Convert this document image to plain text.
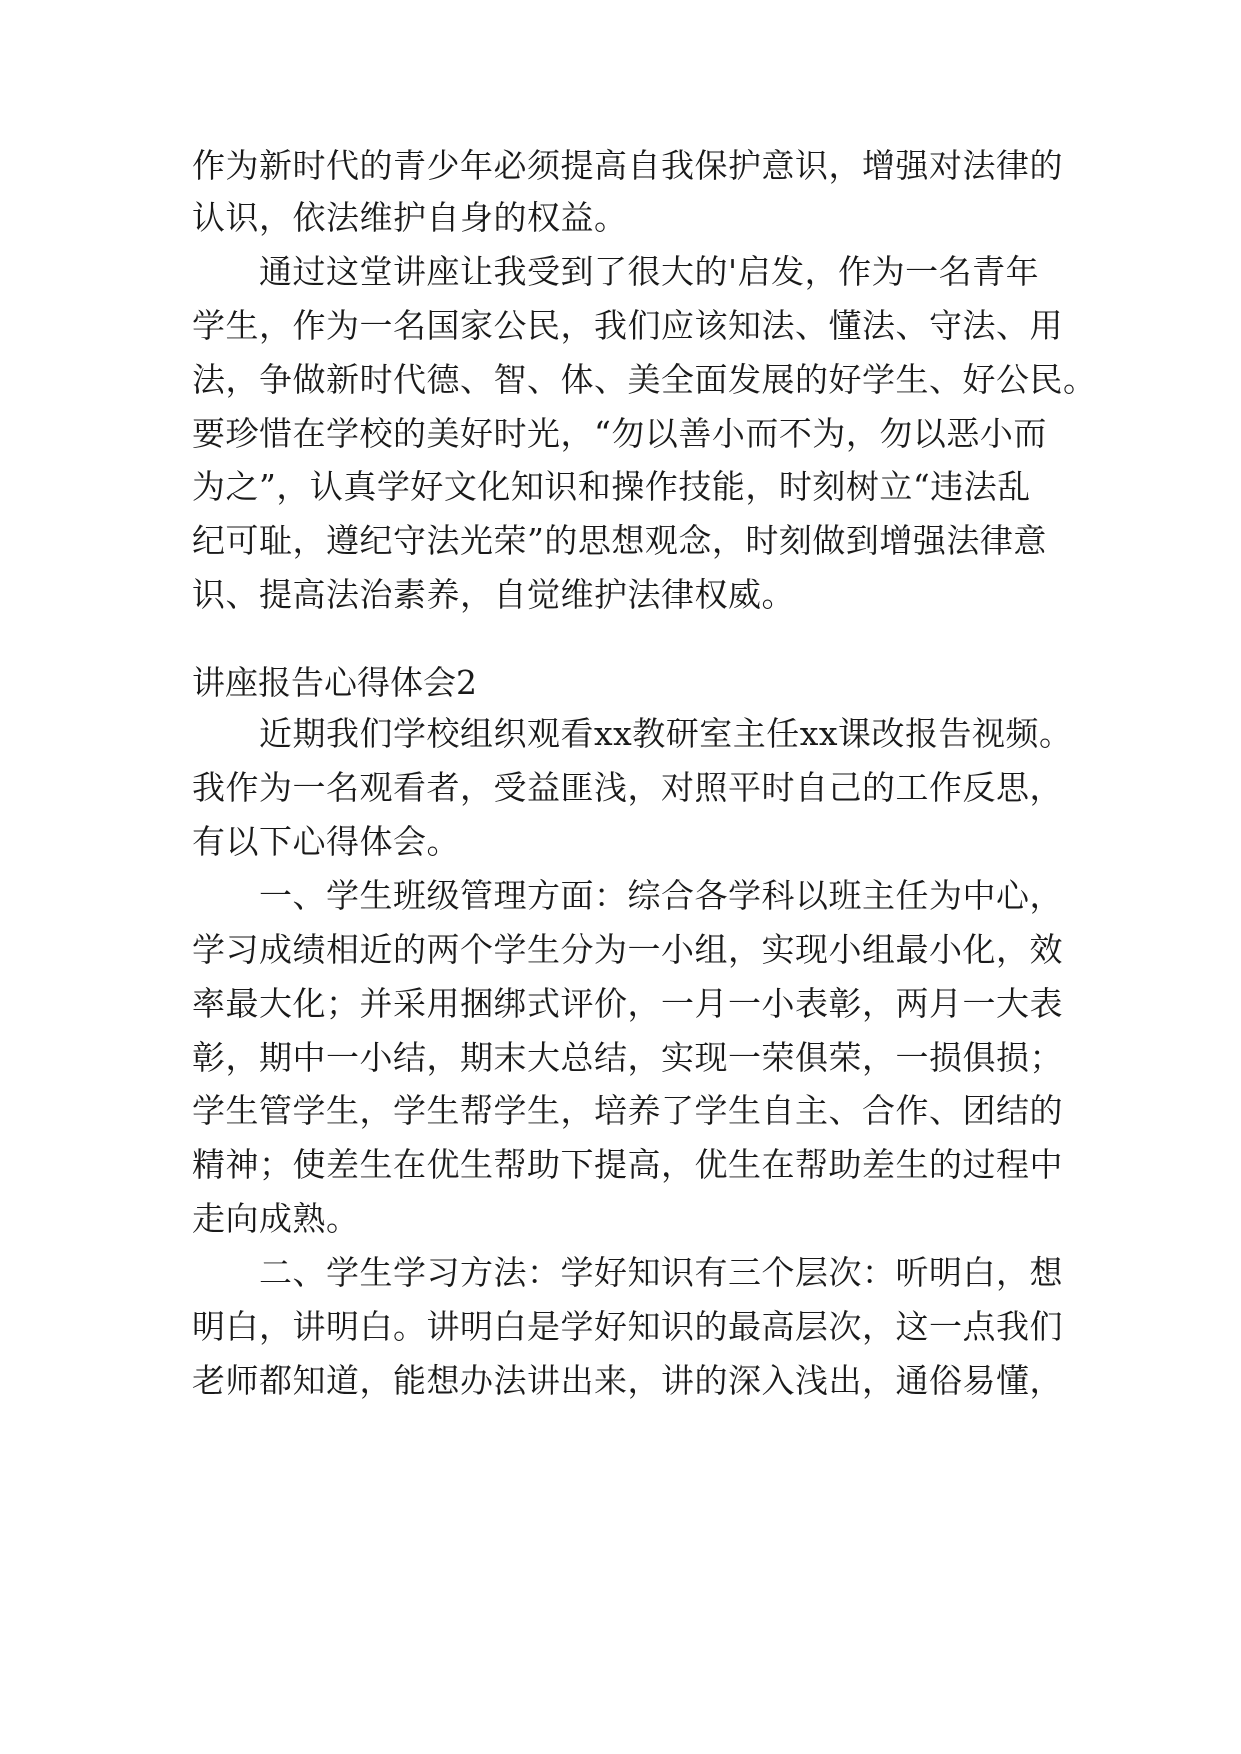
作为新时代的青少年必须提高自我保护意识，增强对法律的
认识，依法维护自身的权益。
　　通过这堂讲座让我受到了很大的'启发，作为一名青年
学生，作为一名国家公民，我们应该知法、懂法、守法、用
法，争做新时代德、智、体、美全面发展的好学生、好公民。
要珍惜在学校的美好时光，“勿以善小而不为，勿以恶小而
为之”，认真学好文化知识和操作技能，时刻树立“违法乱
纪可耻，遵纪守法光荣”的思想观念，时刻做到增强法律意
识、提高法治素养，自觉维护法律权威。
讲座报告心得体会2
　　近期我们学校组织观看xx教研室主任xx课改报告视频。
我作为一名观看者，受益匪浅，对照平时自己的工作反思，
有以下心得体会。
　　一、学生班级管理方面：综合各学科以班主任为中心，
学习成绩相近的两个学生分为一小组，实现小组最小化，效
率最大化；并采用捆绑式评价，一月一小表彰，两月一大表
彰，期中一小结，期末大总结，实现一荣俱荣，一损俱损；
学生管学生，学生帮学生，培养了学生自主、合作、团结的
精神；使差生在优生帮助下提高，优生在帮助差生的过程中
走向成熟。
　　二、学生学习方法：学好知识有三个层次：听明白，想
明白，讲明白。讲明白是学好知识的最高层次，这一点我们
老师都知道，能想办法讲出来，讲的深入浅出，通俗易懂，
